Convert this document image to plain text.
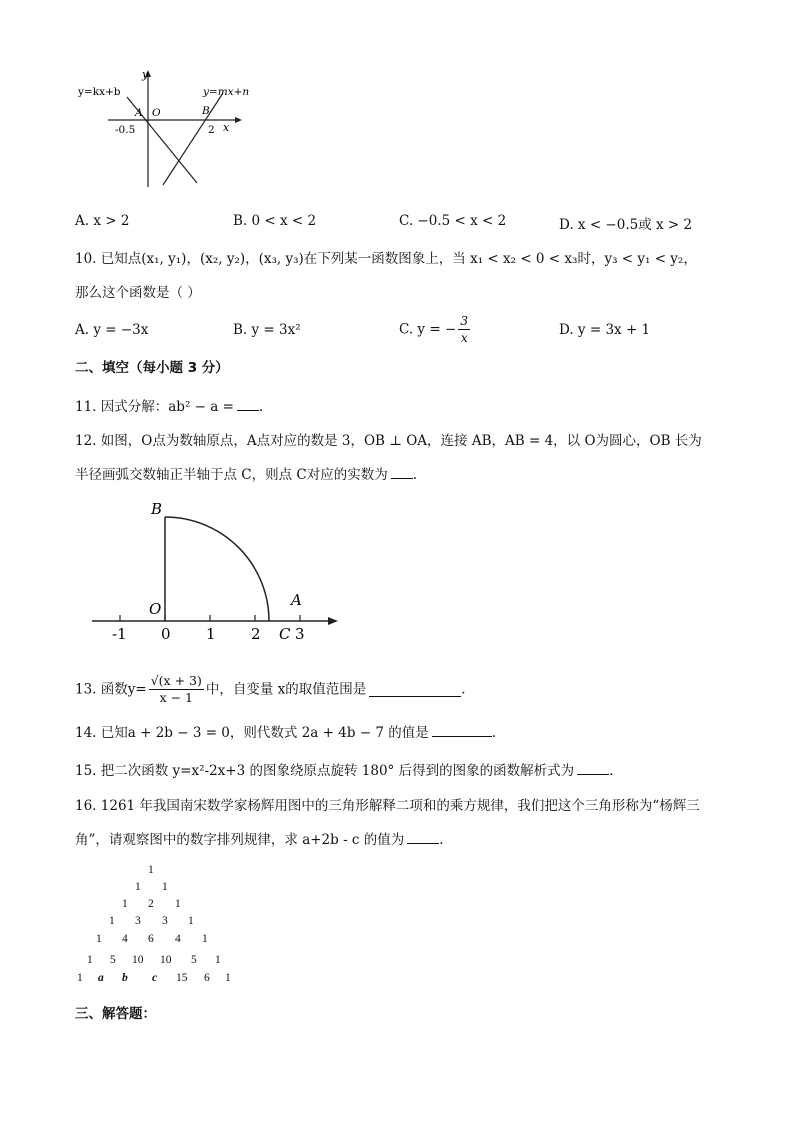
y
x
y=kx+b	y=mx+n
A O	B
-0.5	2
A. x > 2	B. 0 < x < 2	C. −0.5 < x < 2	D. x < −0.5或 x > 2
10. 已知点(x₁, y₁)，(x₂, y₂)，(x₃, y₃)在下列某一函数图象上，当 x₁ < x₂ < 0 < x₃时，y₃ < y₁ < y₂，
那么这个函数是（ ）
A. y = −3x	B. y = 3x²	C. y = − $\frac{3}{x}$	D. y = 3x + 1
二、填空（每小题 3 分）
11. 因式分解：ab² − a = .
12. 如图，O点为数轴原点，A点对应的数是 3，OB ⊥ OA，连接 AB，AB = 4，以 O为圆心，OB 长为
半径画弧交数轴正半轴于点 C，则点 C对应的实数为 .
B
O	A
C
-1 0 1 2 3
13. 函数$y= \frac{√(x + 3)}{x - 1}$ 中，自变量 x的取值范围是	.
14. 已知a + 2b − 3 = 0，则代数式 2a + 4b − 7 的值是	.
15. 把二次函数 y=x²-2x+3 的图象绕原点旋转 180° 后得到的图象的函数解析式为	.
16. 1261 年我国南宋数学家杨辉用图中的三角形解释二项和的乘方规律，我们把这个三角形称为“杨辉三
角”，请观察图中的数字排列规律，求 a+2b - c 的值为	.
1
1 1
1 2 1
1 3 3 1
1 4 6 4 1
1 5 10 10 5 1
1 a b c 15 6 1
三、解答题：
